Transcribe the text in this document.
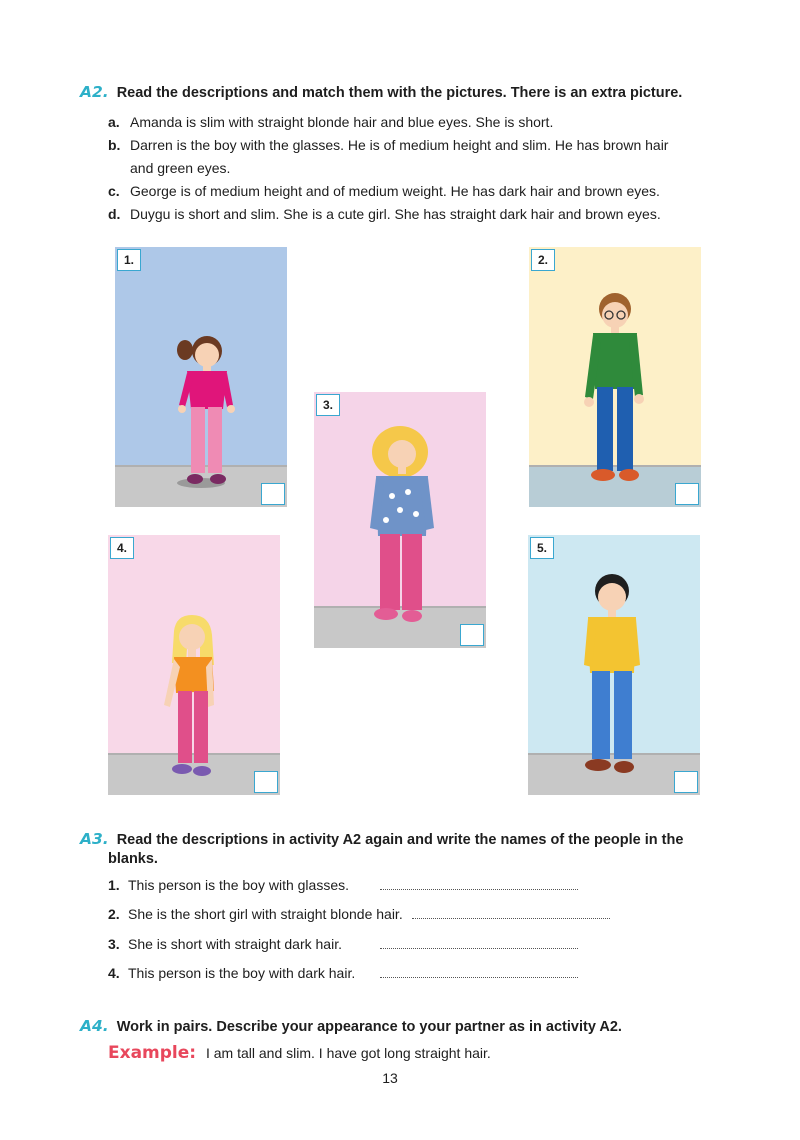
A2. Read the descriptions and match them with the pictures. There is an extra picture.
a. Amanda is slim with straight blonde hair and blue eyes. She is short.
b. Darren is the boy with the glasses. He is of medium height and slim. He has brown hair
and green eyes.
c. George is of medium height and of medium weight. He has dark hair and brown eyes.
d. Duygu is short and slim. She is a cute girl. She has straight dark hair and brown eyes.
1.	2.
3.
4.	5.
A3. Read the descriptions in activity A2 again and write the names of the people in the
blanks.
1. This person is the boy with glasses.
2. She is the short girl with straight blonde hair.
3. She is short with straight dark hair.
4. This person is the boy with dark hair.
A4. Work in pairs. Describe your appearance to your partner as in activity A2.
Example: I am tall and slim. I have got long straight hair.
13
